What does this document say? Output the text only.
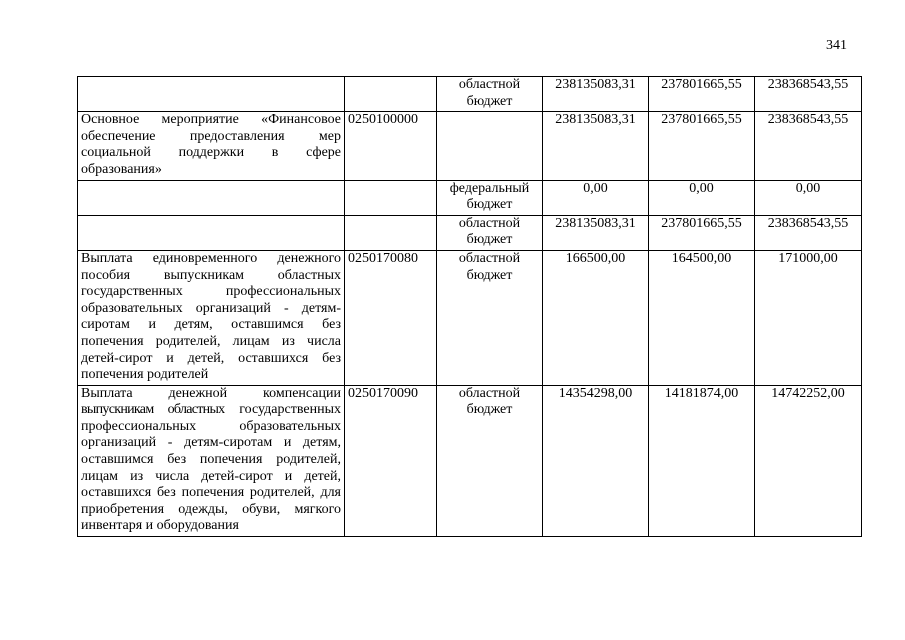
341
		областной бюджет	238135083,31	237801665,55	238368543,55
Основное мероприятие «Финансовое обеспечение предоставления мер социальной поддержки в сфере образования»	0250100000		238135083,31	237801665,55	238368543,55
		федеральный бюджет	0,00	0,00	0,00
		областной бюджет	238135083,31	237801665,55	238368543,55
Выплата единовременного денежного пособия выпускникам областных государственных профессиональных образовательных организаций - детям-сиротам и детям, оставшимся без попечения родителей, лицам из числа детей-сирот и детей, оставшихся без попечения родителей	0250170080	областной бюджет	166500,00	164500,00	171000,00
Выплата денежной компенсации выпускникам областных государственных профессиональных образовательных организаций - детям-сиротам и детям, оставшимся без попечения родителей, лицам из числа детей-сирот и детей, оставшихся без попечения родителей, для приобретения одежды, обуви, мягкого инвентаря и оборудования	0250170090	областной бюджет	14354298,00	14181874,00	14742252,00
